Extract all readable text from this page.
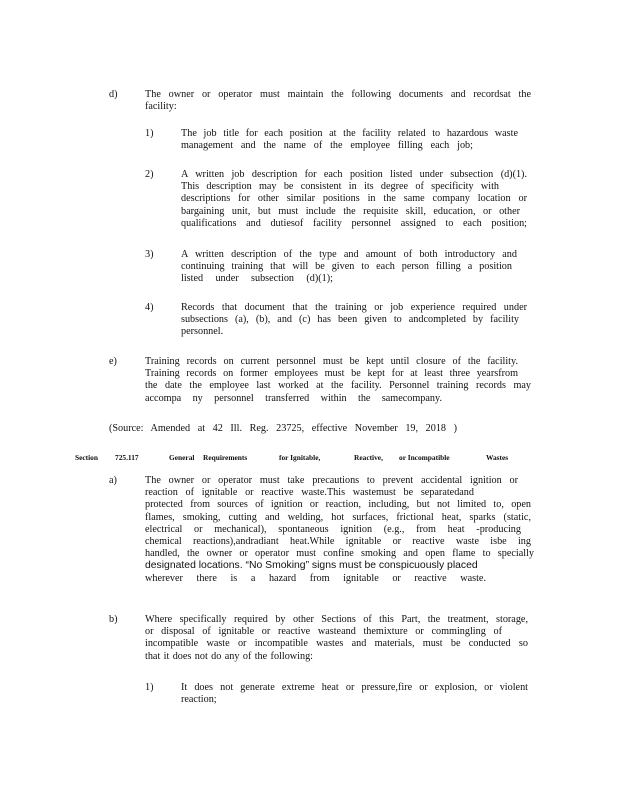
d)	The owner or operator must maintain the following documents and recordsat the
facility:
1)	The job title for each position at the facility related to hazardous waste
management and the name of the employee filling each job;
2)	A written job description for each position listed under subsection (d)(1).
This description may be consistent in its degree of specificity with
descriptions for other similar positions in the same company location or
bargaining unit, but must include the requisite skill, education, or other
qualifications and dutiesof facility personnel assigned to each position;
3)	A written description of the type and amount of both introductory and
continuing training that will be given to each person filling a position
listed under subsection (d)(1);
4)	Records that document that the training or job experience required under
subsections (a), (b), and (c) has been given to andcompleted by facility
personnel.
e)	Training records on current personnel must be kept until closure of the facility.
Training records on former employees must be kept for at least three yearsfrom
the date the employee last worked at the facility. Personnel training records may
accompa ny personnel transferred within the samecompany.
(Source: Amended at 42 Ill. Reg. 23725, effective November 19, 2018 )
Section 725.117	General Requirements	for Ignitable,	Reactive, or Incompatible	Wastes
a)	The owner or operator must take precautions to prevent accidental ignition or
reaction of ignitable or reactive waste.This wastemust be separatedand
protected from sources of ignition or reaction, including, but not limited to, open
flames, smoking, cutting and welding, hot surfaces, frictional heat, sparks (static,
electrical or mechanical), spontaneous ignition (e.g., from heat -producing
chemical reactions),andradiant heat.While ignitable or reactive waste isbe ing
handled, the owner or operator must confine smoking and open flame to specially
designated locations. “No Smoking” signs must be conspicuously placed
wherever there is a hazard from ignitable or reactive waste.
b)	Where specifically required by other Sections of this Part, the treatment, storage,
or disposal of ignitable or reactive wasteand themixture or commingling of
incompatible waste or incompatible wastes and materials, must be conducted so
that it does not do any of the following:
1)	It does not generate extreme heat or pressure,fire or explosion, or violent
reaction;
